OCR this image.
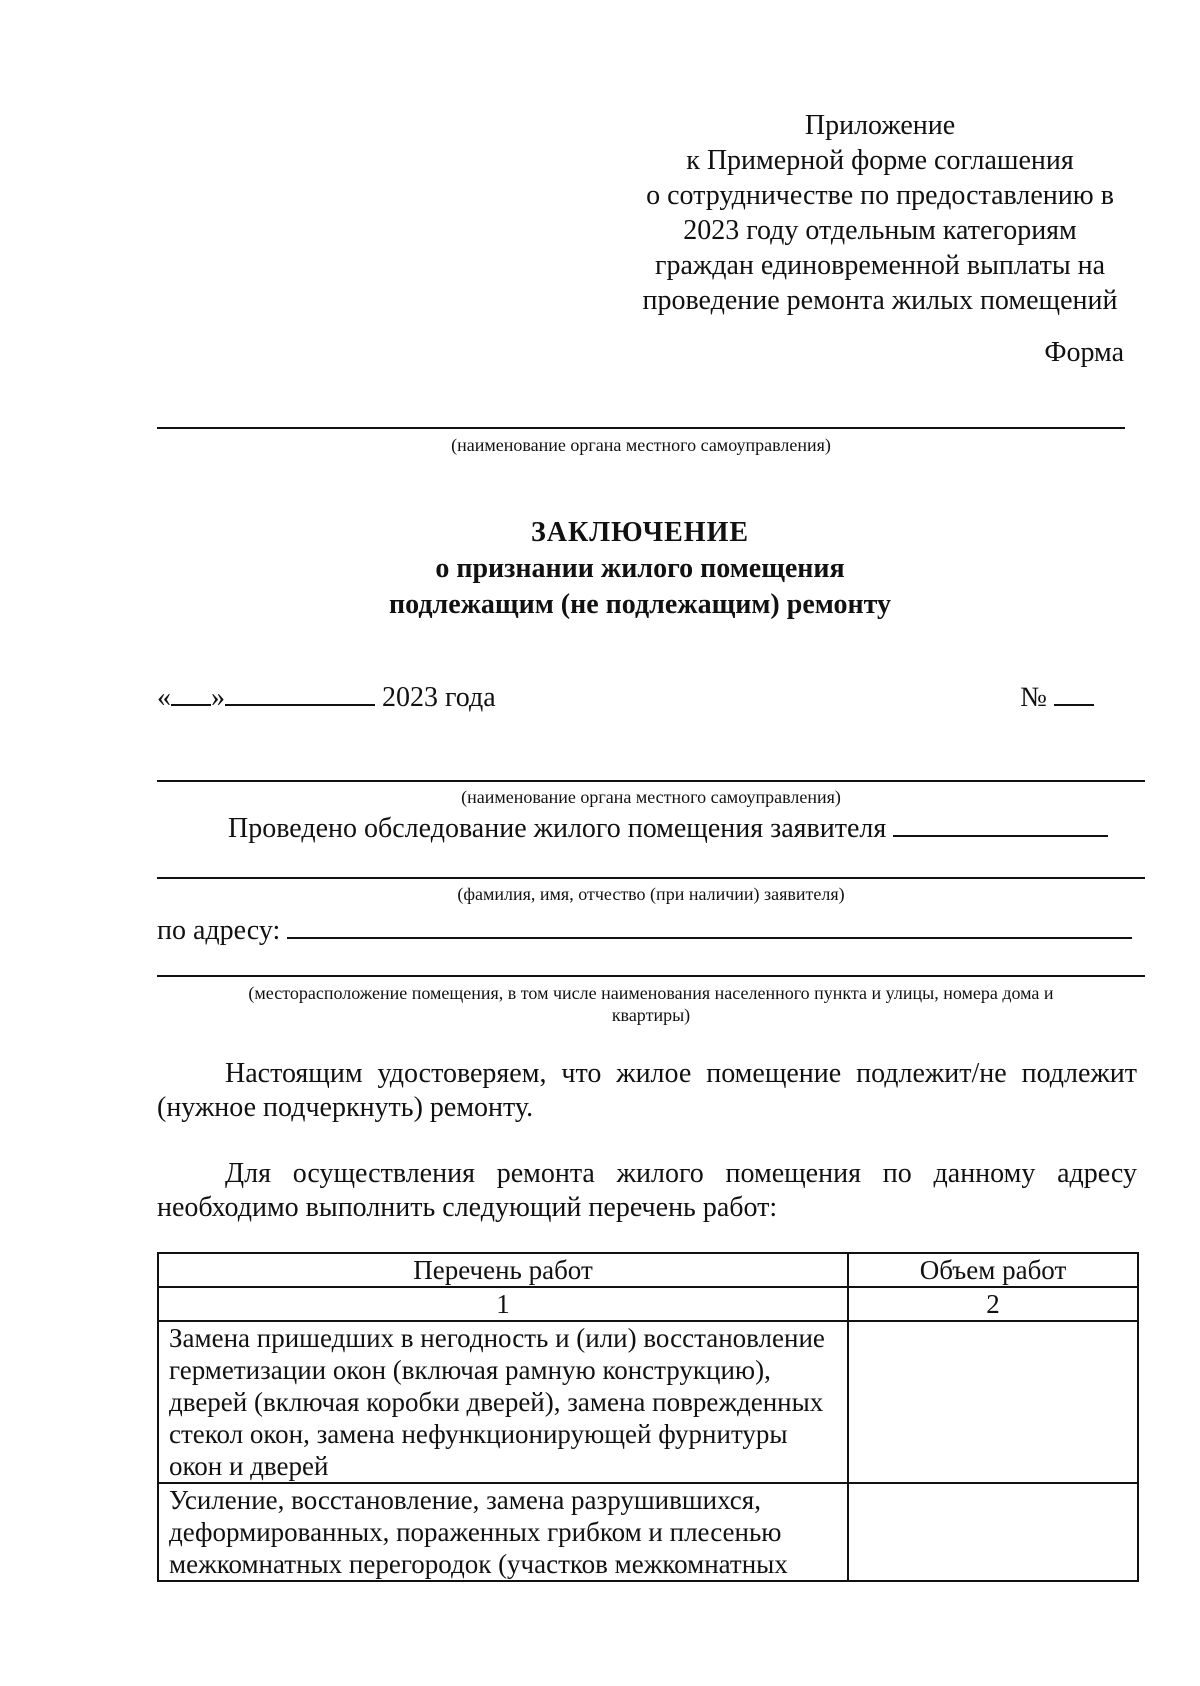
Приложение
к Примерной форме соглашения
о сотрудничестве по предоставлению в
2023 году отдельным категориям
граждан единовременной выплаты на
проведение ремонта жилых помещений
Форма
(наименование органа местного самоуправления)
ЗАКЛЮЧЕНИЕ
о признании жилого помещения
подлежащим (не подлежащим) ремонту
« »	2023 года	№
(наименование органа местного самоуправления)
Проведено обследование жилого помещения заявителя
(фамилия, имя, отчество (при наличии) заявителя)
по адресу:
(месторасположение помещения, в том числе наименования населенного пункта и улицы, номера дома и
квартиры)
Настоящим удостоверяем, что жилое помещение подлежит/не подлежит (нужное подчеркнуть) ремонту.
Для осуществления ремонта жилого помещения по данному адресу необходимо выполнить следующий перечень работ:
Перечень работ	Объем работ
1	2
Замена пришедших в негодность и (или) восстановление герметизации окон (включая рамную конструкцию), дверей (включая коробки дверей), замена поврежденных стекол окон, замена нефункционирующей фурнитуры окон и дверей	
Усиление, восстановление, замена разрушившихся, деформированных, пораженных грибком и плесенью межкомнатных перегородок (участков межкомнатных	
